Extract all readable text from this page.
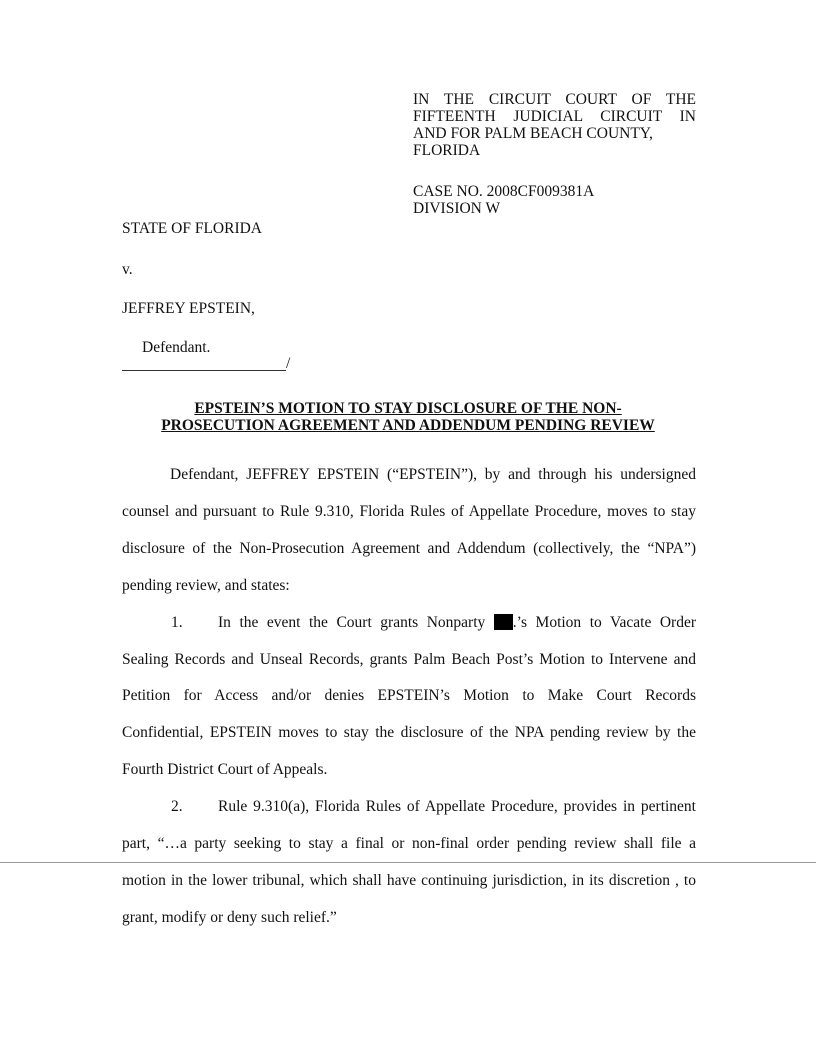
IN THE CIRCUIT COURT OF THE
FIFTEENTH JUDICIAL CIRCUIT IN
AND FOR PALM BEACH COUNTY,
FLORIDA
CASE NO. 2008CF009381A
DIVISION W
STATE OF FLORIDA
v.
JEFFREY EPSTEIN,
Defendant.
/
EPSTEIN’S MOTION TO STAY DISCLOSURE OF THE NON-
PROSECUTION AGREEMENT AND ADDENDUM PENDING REVIEW
Defendant, JEFFREY EPSTEIN (“EPSTEIN”), by and through his undersigned
counsel and pursuant to Rule 9.310, Florida Rules of Appellate Procedure, moves to stay
disclosure of the Non-Prosecution Agreement and Addendum (collectively, the “NPA”)
pending review, and states:
1. In the event the Court grants Nonparty .’s Motion to Vacate Order
Sealing Records and Unseal Records, grants Palm Beach Post’s Motion to Intervene and
Petition for Access and/or denies EPSTEIN’s Motion to Make Court Records
Confidential, EPSTEIN moves to stay the disclosure of the NPA pending review by the
Fourth District Court of Appeals.
2. Rule 9.310(a), Florida Rules of Appellate Procedure, provides in pertinent
part, “…a party seeking to stay a final or non-final order pending review shall file a
motion in the lower tribunal, which shall have continuing jurisdiction, in its discretion , to
grant, modify or deny such relief.”
